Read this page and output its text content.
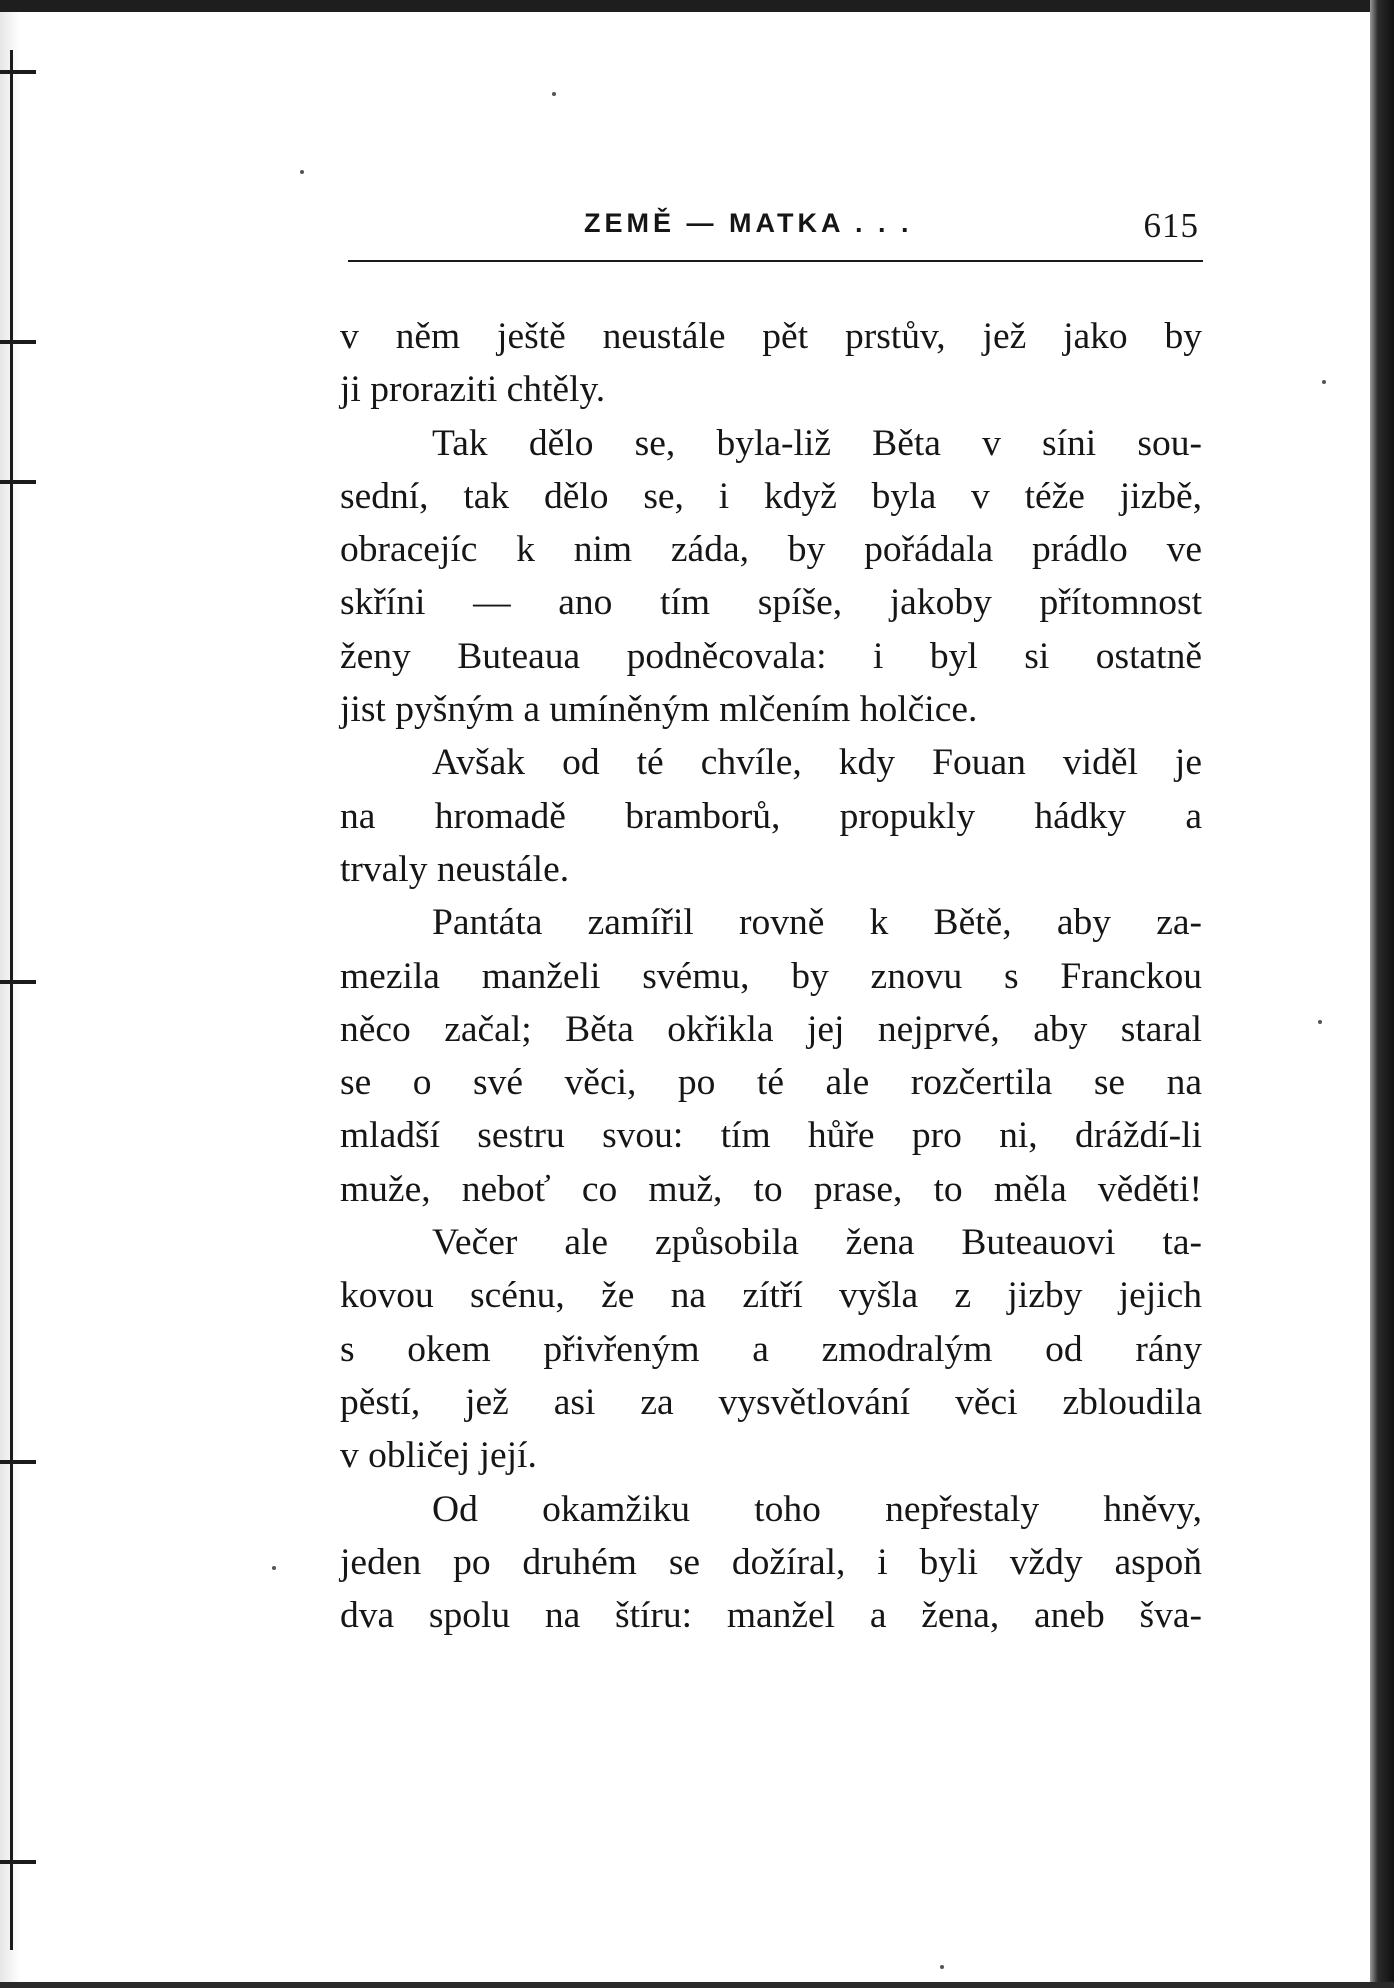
ZEMĚ — MATKA . . .	615
v něm ještě neustále pět prstův, jež jako by
ji proraziti chtěly.
Tak dělo se, byla-liž Běta v síni sou-
sední, tak dělo se, i když byla v téže jizbě,
obracejíc k nim záda, by pořádala prádlo ve
skříni — ano tím spíše, jakoby přítomnost
ženy Buteaua podněcovala: i byl si ostatně
jist pyšným a umíněným mlčením holčice.
Avšak od té chvíle, kdy Fouan viděl je
na hromadě bramborů, propukly hádky a
trvaly neustále.
Pantáta zamířil rovně k Bětě, aby za-
mezila manželi svému, by znovu s Franckou
něco začal; Běta okřikla jej nejprvé, aby staral
se o své věci, po té ale rozčertila se na
mladší sestru svou: tím hůře pro ni, dráždí-li
muže, neboť co muž, to prase, to měla věděti!
Večer ale způsobila žena Buteauovi ta-
kovou scénu, že na zítří vyšla z jizby jejich
s okem přivřeným a zmodralým od rány
pěstí, jež asi za vysvětlování věci zbloudila
v obličej její.
Od okamžiku toho nepřestaly hněvy,
jeden po druhém se dožíral, i byli vždy aspoň
dva spolu na štíru: manžel a žena, aneb šva-
